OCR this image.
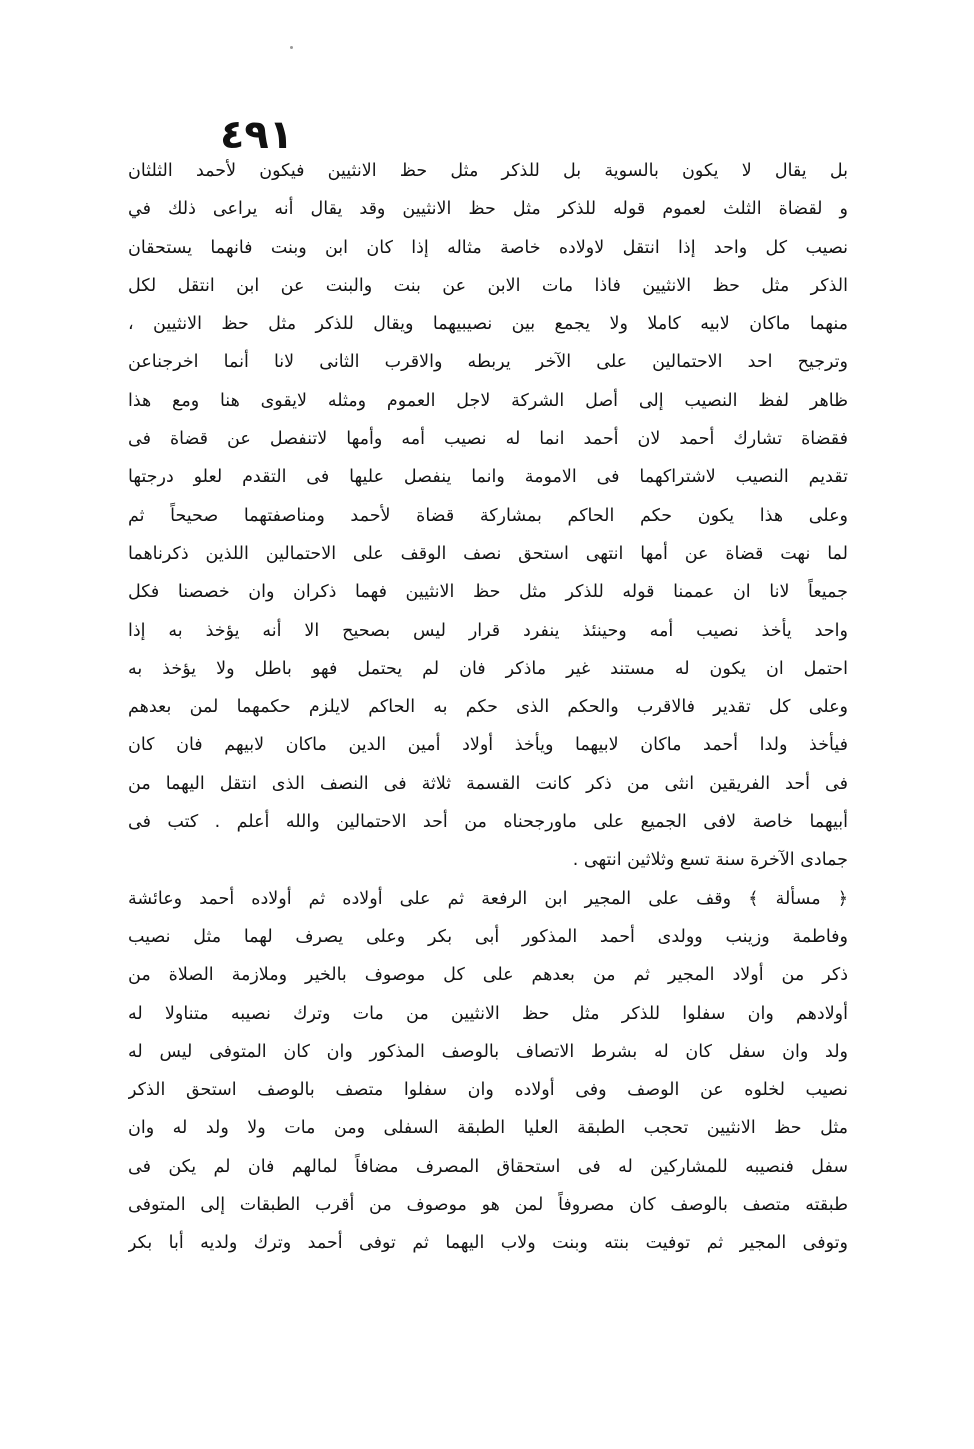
٤٩١
بل يقال لا يكون بالسوية بل للذكر مثل حظ الانثيين فيكون لأحمد الثلثان
و لقضاة الثلث لعموم قوله للذكر مثل حظ الانثيين وقد يقال أنه يراعى ذلك في
نصيب كل واحد إذا انتقل لاولاده خاصة مثاله إذا كان ابن وبنت فانهما يستحقان
الذكر مثل حظ الانثيين فاذا مات الابن عن بنت والبنت عن ابن انتقل لكل
منهما ماكان لابيه كاملا ولا يجمع بين نصيبيهما ويقال للذكر مثل حظ الانثيين ،
وترجيح احد الاحتمالين على الآخر يربطه والاقرب الثانى لانا أنما اخرجناعن
ظاهر لفظ النصيب إلى أصل الشركة لاجل العموم ومثله لايقوى هنا ومع هذا
فقضاة تشارك أحمد لان أحمد انما له نصيب أمه وأمها لاتنفصل عن قضاة فى
تقديم النصيب لاشتراكهما فى الامومة وانما ينفصل عليها فى التقدم لعلو درجتها
وعلى هذا يكون حكم الحاكم بمشاركة قضاة لأحمد ومناصفتهما صحيحاً ثم
لما نهت قضاة عن أمها انتهى استحق نصف الوقف على الاحتمالين اللذين ذكرناهما
جميعاً لانا ان عممنا قوله للذكر مثل حظ الانثيين فهما ذكران وان خصصنا فكل
واحد يأخذ نصيب أمه وحينئذ ينفرد قرار ليس بصحيح الا أنه يؤخذ به إذا
احتمل ان يكون له مستند غير ماذكر فان لم يحتمل فهو باطل ولا يؤخذ به
وعلى كل تقدير فالاقرب والحكم الذى حكم به الحاكم لايلزم حكمهما لمن بعدهم
فيأخذ ولدا أحمد ماكان لابيهما ويأخذ أولاد أمين الدين ماكان لابيهم فان كان
فى أحد الفريقين انثى من ذكر كانت القسمة ثلاثة فى النصف الذى انتقل اليهما من
أبيهما خاصة لافى الجميع على ماورجحناه من أحد الاحتمالين والله أعلم . كتب فى
جمادى الآخرة سنة تسع وثلاثين انتهى .
﴿ مسألة ﴾ وقف على المجير ابن الرفعة ثم على أولاده ثم أولاده أحمد وعائشة
وفاطمة وزينب وولدى أحمد المذكور أبى بكر وعلى يصرف لهما مثل نصيب
ذكر من أولاد المجير ثم من بعدهم على كل موصوف بالخير وملازمة الصلاة من
أولادهم وان سفلوا للذكر مثل حظ الانثيين من مات وترك نصيبه متناولا له
ولد وان سفل كان له بشرط الاتصاف بالوصف المذكور وان كان المتوفى ليس له
نصيب لخلوه عن الوصف وفى أولاده وان سفلوا متصف بالوصف استحق الذكر
مثل حظ الانثيين تحجب الطبقة العليا الطبقة السفلى ومن مات ولا ولد له وان
سفل فنصيبه للمشاركين له فى استحقاق المصرف مضافاً لمالهم فان لم يكن فى
طبقته متصف بالوصف كان مصروفاً لمن هو موصوف من أقرب الطبقات إلى المتوفى
وتوفى المجير ثم توفيت بنته وبنت ولاب اليهما ثم توفى أحمد وترك ولديه أبا بكر
